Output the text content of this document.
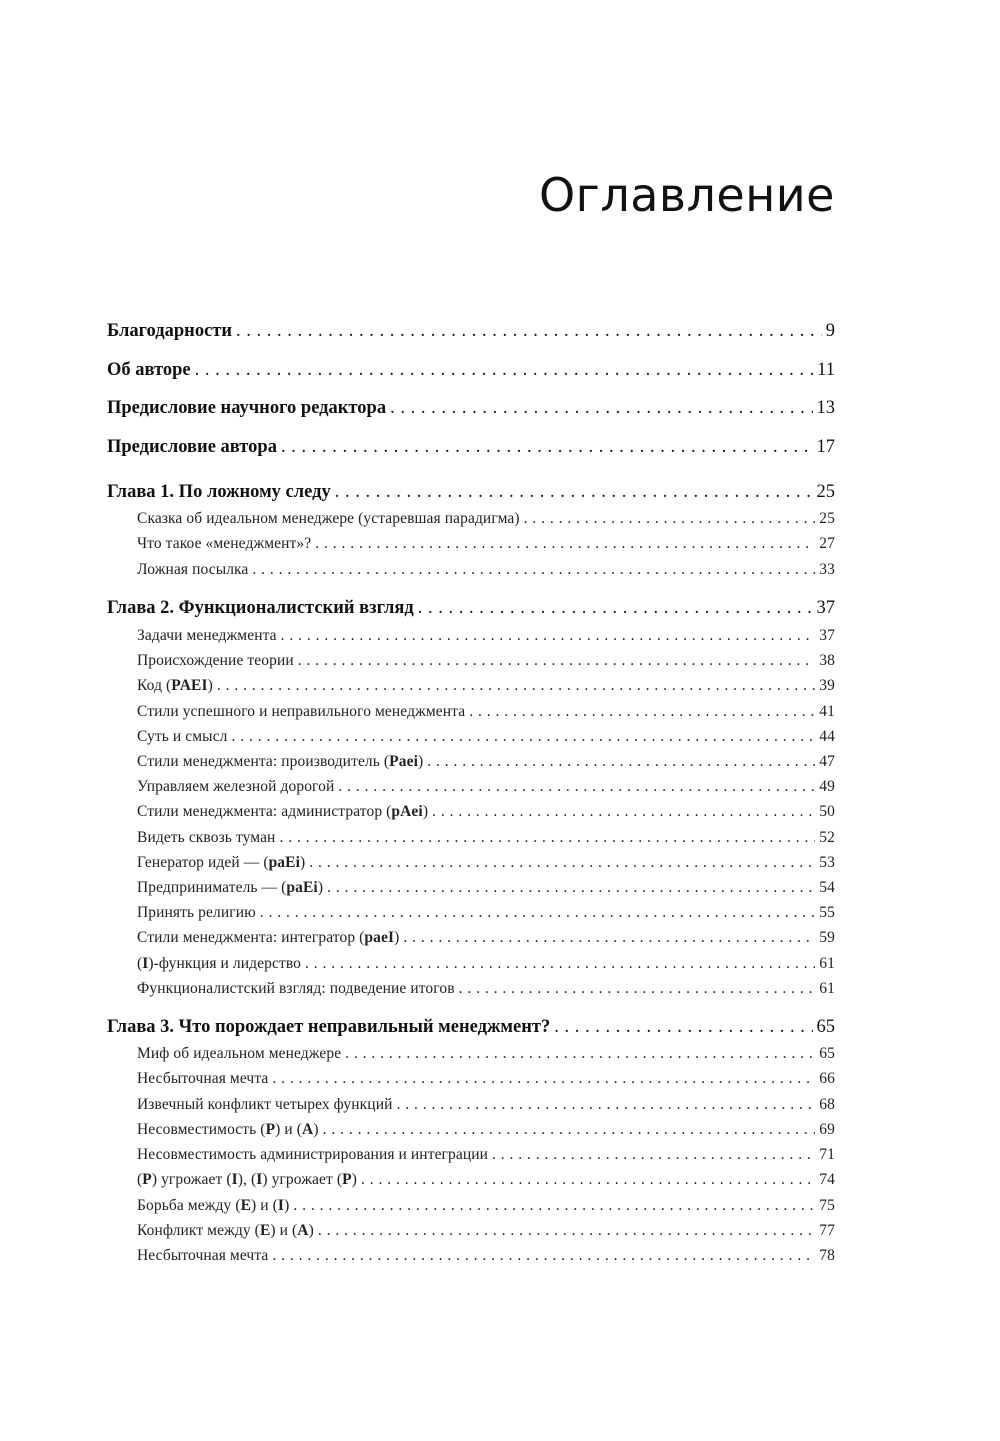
Оглавление
Благодарности . . .	9
Об авторе . . .	11
Предисловие научного редактора . . .	13
Предисловие автора . . .	17
Глава 1. По ложному следу . . .	25
Сказка об идеальном менеджере (устаревшая парадигма) . . .	25
Что такое «менеджмент»? . . .	27
Ложная посылка . . .	33
Глава 2. Функционалистский взгляд . . .	37
Задачи менеджмента . . .	37
Происхождение теории . . .	38
Код (PAEI) . . .	39
Стили успешного и неправильного менеджмента . . .	41
Суть и смысл . . .	44
Стили менеджмента: производитель (Paei) . . .	47
Управляем железной дорогой . . .	49
Стили менеджмента: администратор (pAei) . . .	50
Видеть сквозь туман . . .	52
Генератор идей — (paEi) . . .	53
Предприниматель — (paEi) . . .	54
Принять религию . . .	55
Стили менеджмента: интегратор (paeI) . . .	59
(I)-функция и лидерство . . .	61
Функционалистский взгляд: подведение итогов . . .	61
Глава 3. Что порождает неправильный менеджмент? . . .	65
Миф об идеальном менеджере . . .	65
Несбыточная мечта . . .	66
Извечный конфликт четырех функций . . .	68
Несовместимость (P) и (A) . . .	69
Несовместимость администрирования и интеграции . . .	71
(P) угрожает (I), (I) угрожает (P) . . .	74
Борьба между (E) и (I) . . .	75
Конфликт между (E) и (A) . . .	77
Несбыточная мечта . . .	78
